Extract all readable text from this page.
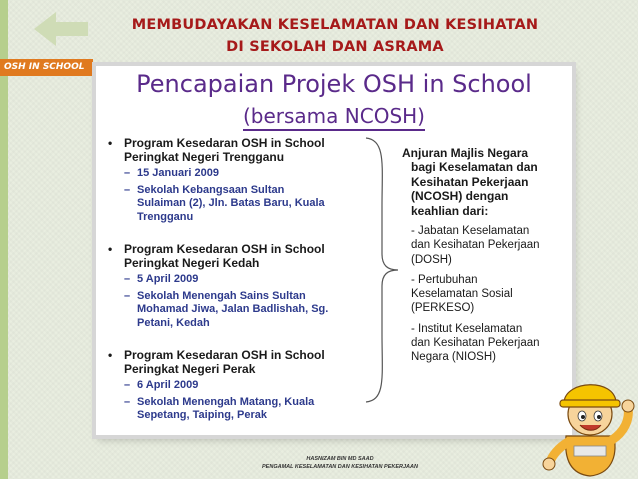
MEMBUDAYAKAN KESELAMATAN DAN KESIHATAN
DI SEKOLAH DAN ASRAMA
OSH IN SCHOOL
Pencapaian Projek OSH in School
(bersama NCOSH)
• Program Kesedaran OSH in School
Peringkat Negeri Trengganu
– 15 Januari 2009
– Sekolah Kebangsaan Sultan
Sulaiman (2), Jln. Batas Baru, Kuala
Trengganu
• Program Kesedaran OSH in School
Peringkat Negeri Kedah
– 5 April 2009
– Sekolah Menengah Sains Sultan
Mohamad Jiwa, Jalan Badlishah, Sg.
Petani, Kedah
• Program Kesedaran OSH in School
Peringkat Negeri Perak
– 6 April 2009
– Sekolah Menengah Matang, Kuala
Sepetang, Taiping, Perak
Anjuran Majlis Negara
bagi Keselamatan dan
Kesihatan Pekerjaan
(NCOSH) dengan
keahlian dari:
- Jabatan Keselamatan
dan Kesihatan Pekerjaan
(DOSH)
- Pertubuhan
Keselamatan Sosial
(PERKESO)
- Institut Keselamatan
dan Kesihatan Pekerjaan
Negara (NIOSH)
HASNIZAM BIN MD SAAD
PENGAMAL KESELAMATAN DAN KESIHATAN PEKERJAAN
